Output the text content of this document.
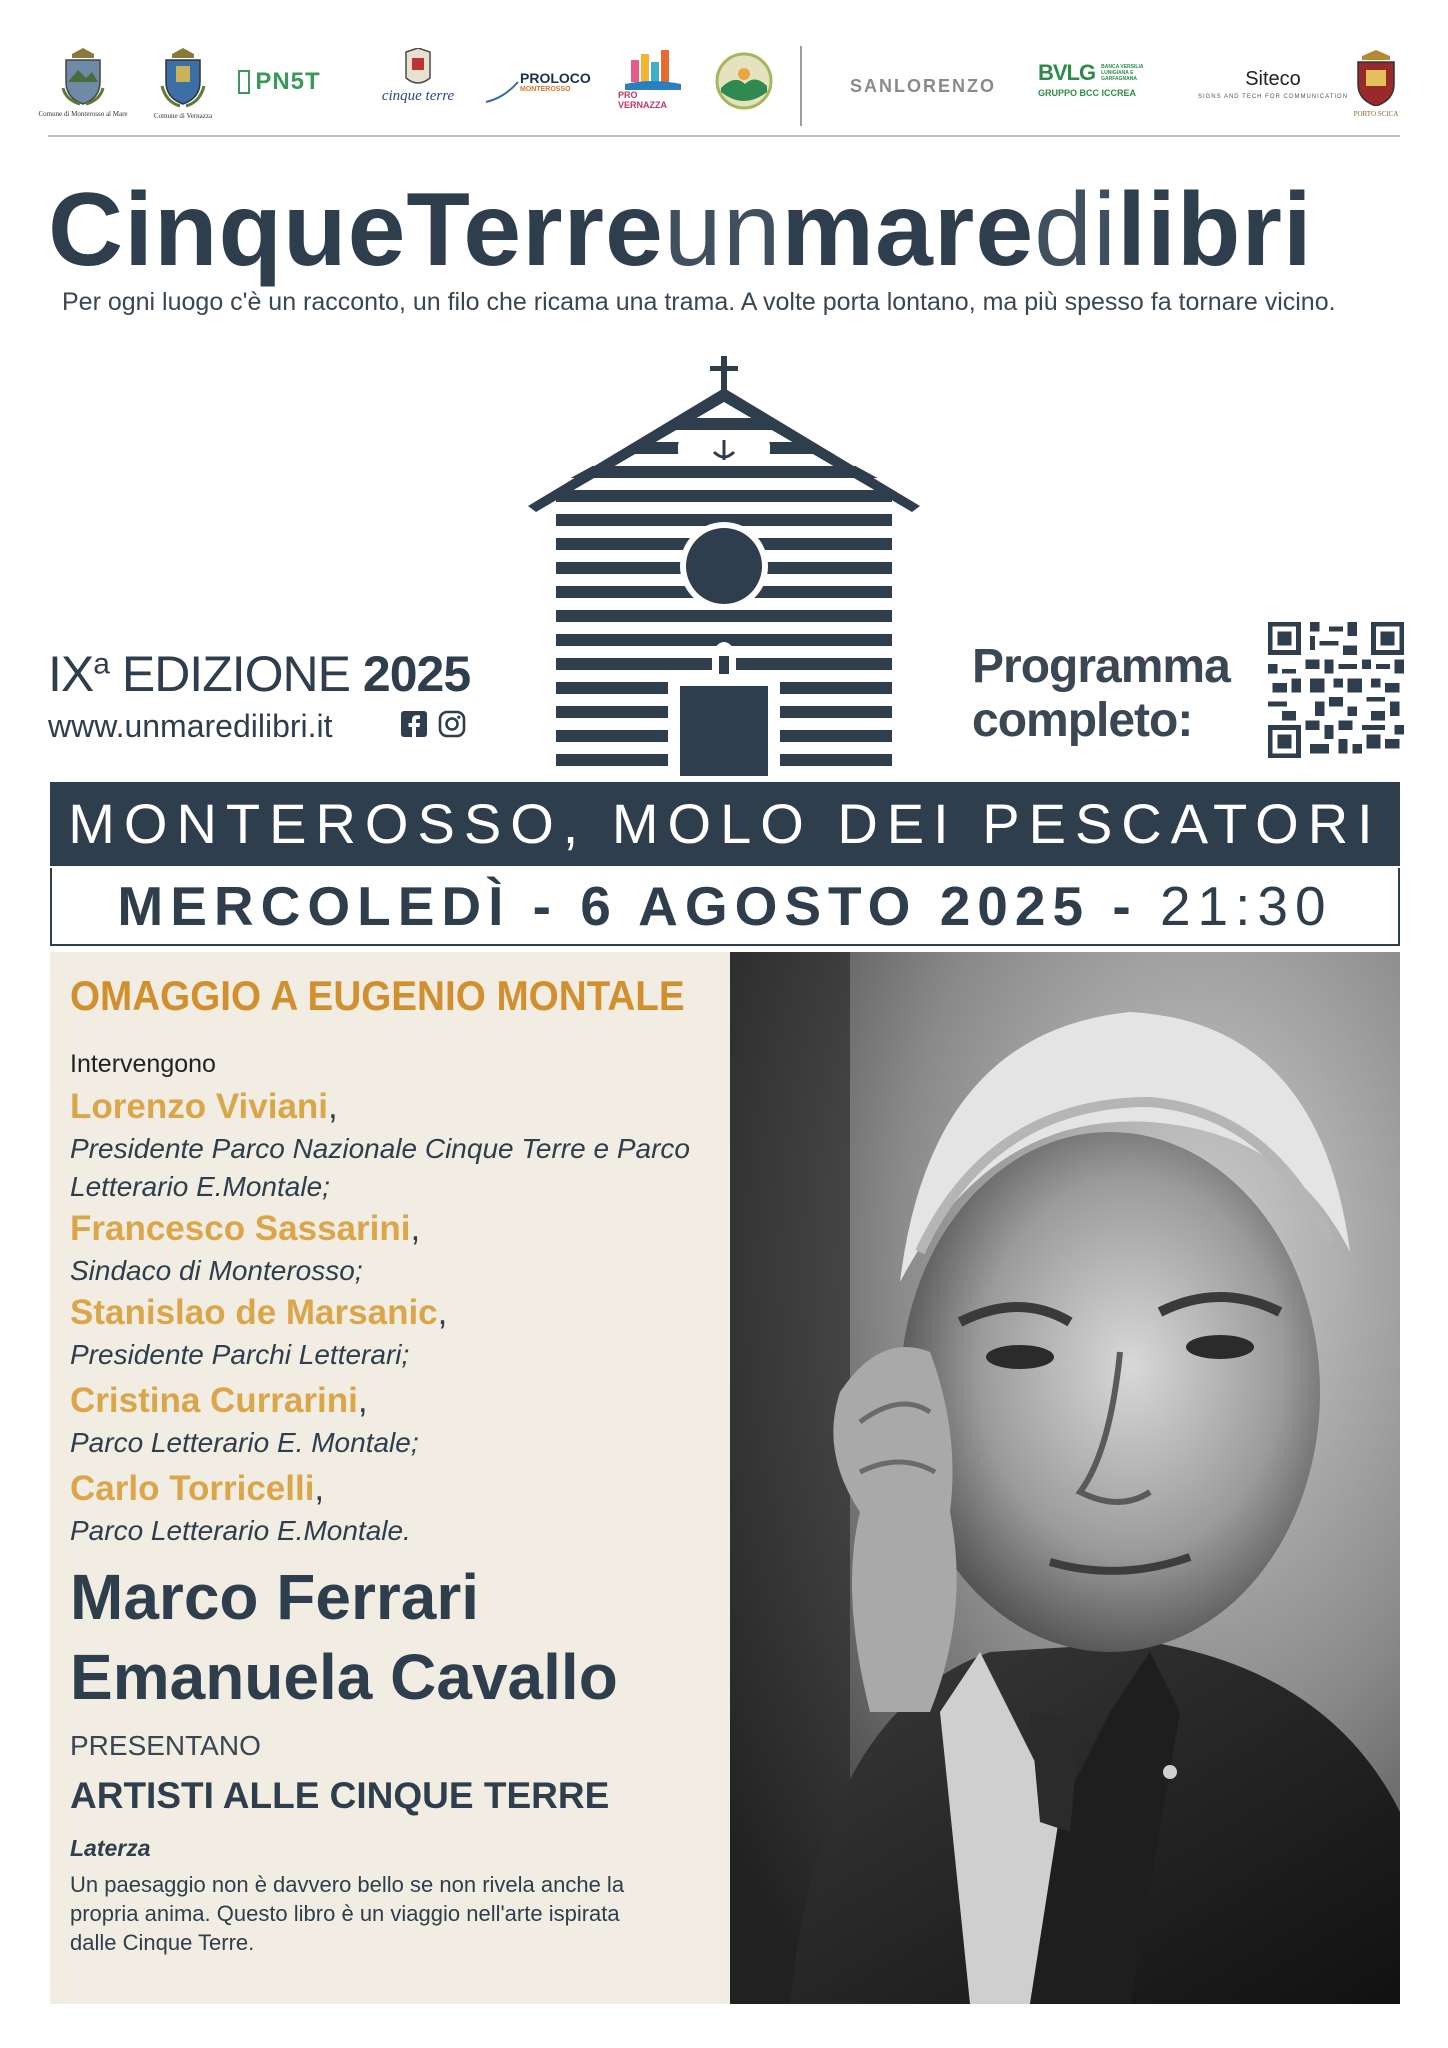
Comune di Monterosso al Mare	Comune di Vernazza
PN5T
cinque terre
PROLOCO
MONTEROSSO
PRO VERNAZZA
SANLORENZO
BVLG BANCA VERSILIA LUNIGIANA E GARFAGNANA
GRUPPO BCC ICCREA
Siteco
SIGNS AND TECH FOR COMMUNICATION
PORTO SCICA
CinqueTerreunmaredilibri
Per ogni luogo c'è un racconto, un filo che ricama una trama. A volte porta lontano, ma più spesso fa tornare vicino.
$IX^a$ EDIZIONE 2025
www.unmaredilibri.it
Programma
completo:
MONTEROSSO, MOLO DEI PESCATORI
MERCOLEDÌ - 6 AGOSTO 2025 - 21:30
OMAGGIO A EUGENIO MONTALE
Intervengono
Lorenzo Viviani,
Presidente Parco Nazionale Cinque Terre e Parco Letterario E.Montale;
Francesco Sassarini,
Sindaco di Monterosso;
Stanislao de Marsanic,
Presidente Parchi Letterari;
Cristina Currarini,
Parco Letterario E. Montale;
Carlo Torricelli,
Parco Letterario E.Montale.
Marco Ferrari
Emanuela Cavallo
PRESENTANO
ARTISTI ALLE CINQUE TERRE
Laterza
Un paesaggio non è davvero bello se non rivela anche la propria anima. Questo libro è un viaggio nell'arte ispirata dalle Cinque Terre.
